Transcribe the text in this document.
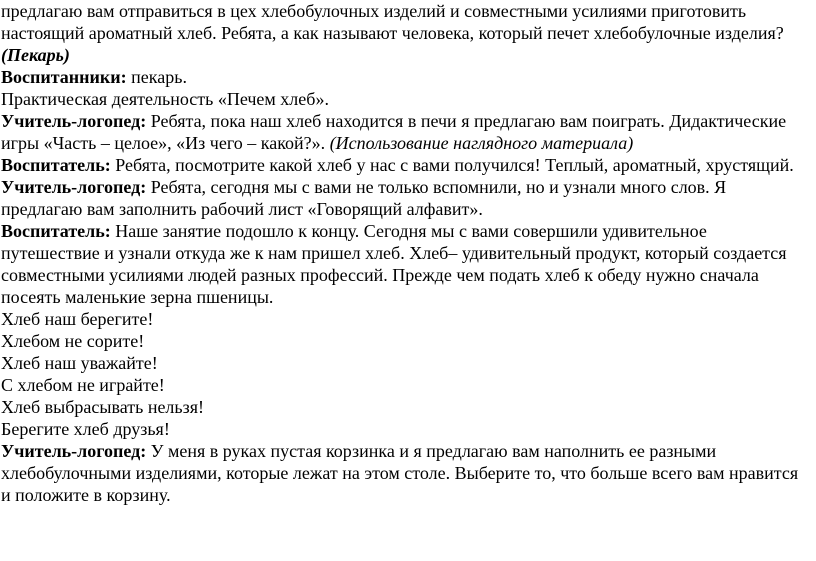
предлагаю вам отправиться в цех хлебобулочных изделий и совместными усилиями приготовить
настоящий ароматный хлеб. Ребята, а как называют человека, который печет хлебобулочные изделия?
(Пекарь)
Воспитанники: пекарь.
Практическая деятельность «Печем хлеб».
Учитель-логопед: Ребята, пока наш хлеб находится в печи я предлагаю вам поиграть. Дидактические
игры «Часть – целое», «Из чего – какой?». (Использование наглядного материала)
Воспитатель: Ребята, посмотрите какой хлеб у нас с вами получился! Теплый, ароматный, хрустящий.
Учитель-логопед: Ребята, сегодня мы с вами не только вспомнили, но и узнали много слов. Я
предлагаю вам заполнить рабочий лист «Говорящий алфавит».
Воспитатель: Наше занятие подошло к концу. Сегодня мы с вами совершили удивительное
путешествие и узнали откуда же к нам пришел хлеб. Хлеб– удивительный продукт, который создается
совместными усилиями людей разных профессий. Прежде чем подать хлеб к обеду нужно сначала
посеять маленькие зерна пшеницы.
Хлеб наш берегите!
Хлебом не сорите!
Хлеб наш уважайте!
С хлебом не играйте!
Хлеб выбрасывать нельзя!
Берегите хлеб друзья!
Учитель-логопед: У меня в руках пустая корзинка и я предлагаю вам наполнить ее разными
хлебобулочными изделиями, которые лежат на этом столе. Выберите то, что больше всего вам нравится
и положите в корзину.
